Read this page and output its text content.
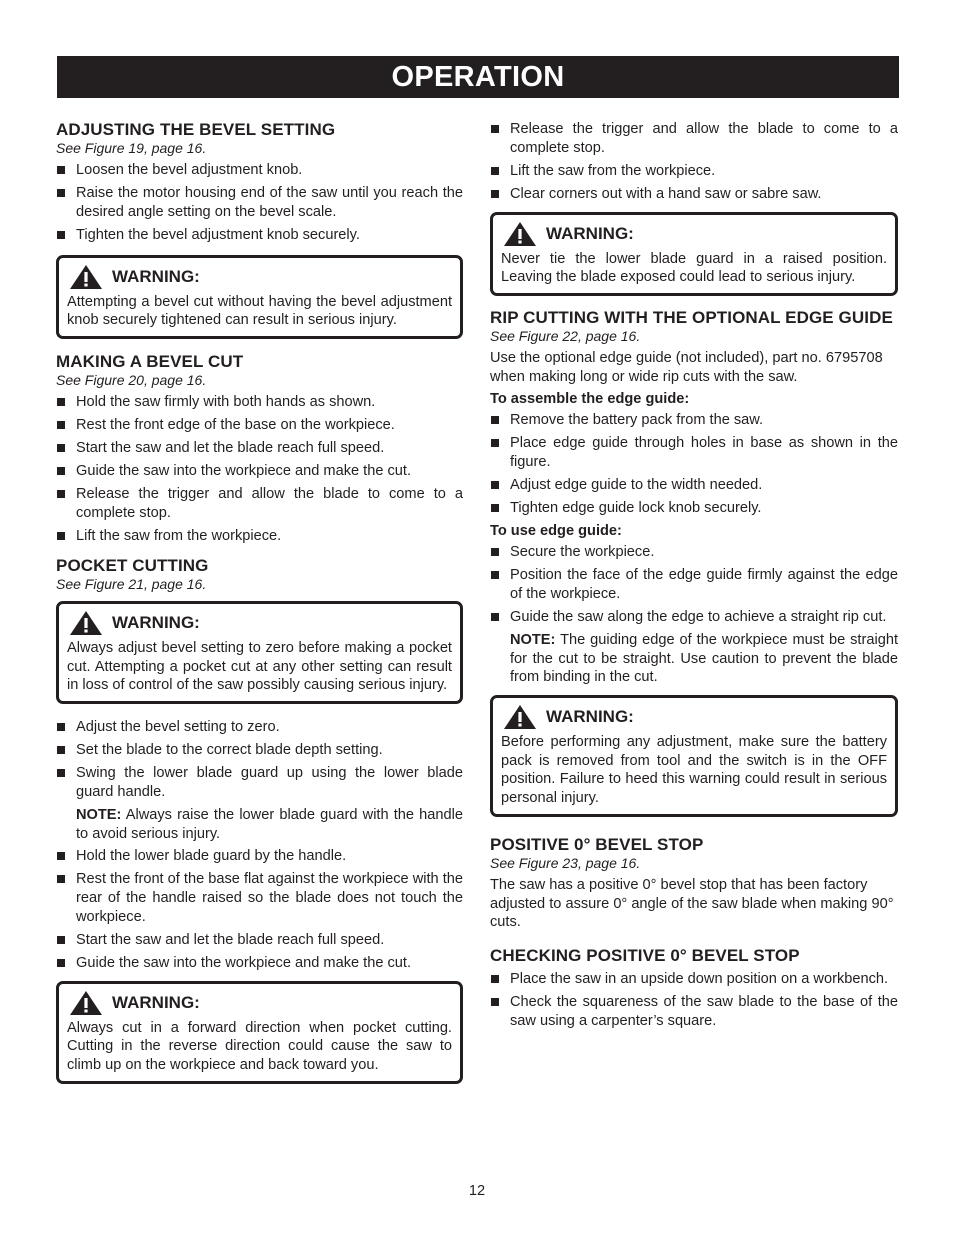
OPERATION
ADJUSTING THE BEVEL SETTING

See Figure 19, page 16.

Loosen the bevel adjustment knob.
Raise the motor housing end of the saw until you reach the desired angle setting on the bevel scale.
Tighten the bevel adjustment knob securely.
WARNING:

Attempting a bevel cut without having the bevel adjustment knob securely tightened can result in serious injury.

MAKING A BEVEL CUT

See Figure 20, page 16.

Hold the saw firmly with both hands as shown.
Rest the front edge of the base on the workpiece.
Start the saw and let the blade reach full speed.
Guide the saw into the workpiece and make the cut.
Release the trigger and allow the blade to come to a complete stop.
Lift the saw from the workpiece.
POCKET CUTTING

See Figure 21, page 16.

WARNING:

Always adjust bevel setting to zero before making a pocket cut. Attempting a pocket cut at any other setting can result in loss of control of the saw possibly causing serious injury.

Adjust the bevel setting to zero.
Set the blade to the correct blade depth setting.
Swing the lower blade guard up using the lower blade guard handle.

NOTE: Always raise the lower blade guard with the handle to avoid serious injury.

Hold the lower blade guard by the handle.
Rest the front of the base flat against the workpiece with the rear of the handle raised so the blade does not touch the workpiece.
Start the saw and let the blade reach full speed.
Guide the saw into the workpiece and make the cut.
WARNING:

Always cut in a forward direction when pocket cutting. Cutting in the reverse direction could cause the saw to climb up on the workpiece and back toward you.

Release the trigger and allow the blade to come to a complete stop.
Lift the saw from the workpiece.
Clear corners out with a hand saw or sabre saw.
WARNING:

Never tie the lower blade guard in a raised position. Leaving the blade exposed could lead to serious injury.

RIP CUTTING WITH THE OPTIONAL EDGE GUIDE

See Figure 22, page 16.

Use the optional edge guide (not included), part no. 6795708 when making long or wide rip cuts with the saw.

To assemble the edge guide:

Remove the battery pack from the saw.
Place edge guide through holes in base as shown in the figure.
Adjust edge guide to the width needed.
Tighten edge guide lock knob securely.

To use edge guide:

Secure the workpiece.
Position the face of the edge guide firmly against the edge of the workpiece.
Guide the saw along the edge to achieve a straight rip cut.

NOTE: The guiding edge of the workpiece must be straight for the cut to be straight. Use caution to prevent the blade from binding in the cut.

WARNING:

Before performing any adjustment, make sure the battery pack is removed from tool and the switch is in the OFF position. Failure to heed this warning could result in serious personal injury.

POSITIVE 0° BEVEL STOP

See Figure 23, page 16.

The saw has a positive 0° bevel stop that has been factory adjusted to assure 0° angle of the saw blade when making 90° cuts.

CHECKING POSITIVE 0° BEVEL STOP
Place the saw in an upside down position on a workbench.
Check the squareness of the saw blade to the base of the saw using a carpenter’s square.
12
